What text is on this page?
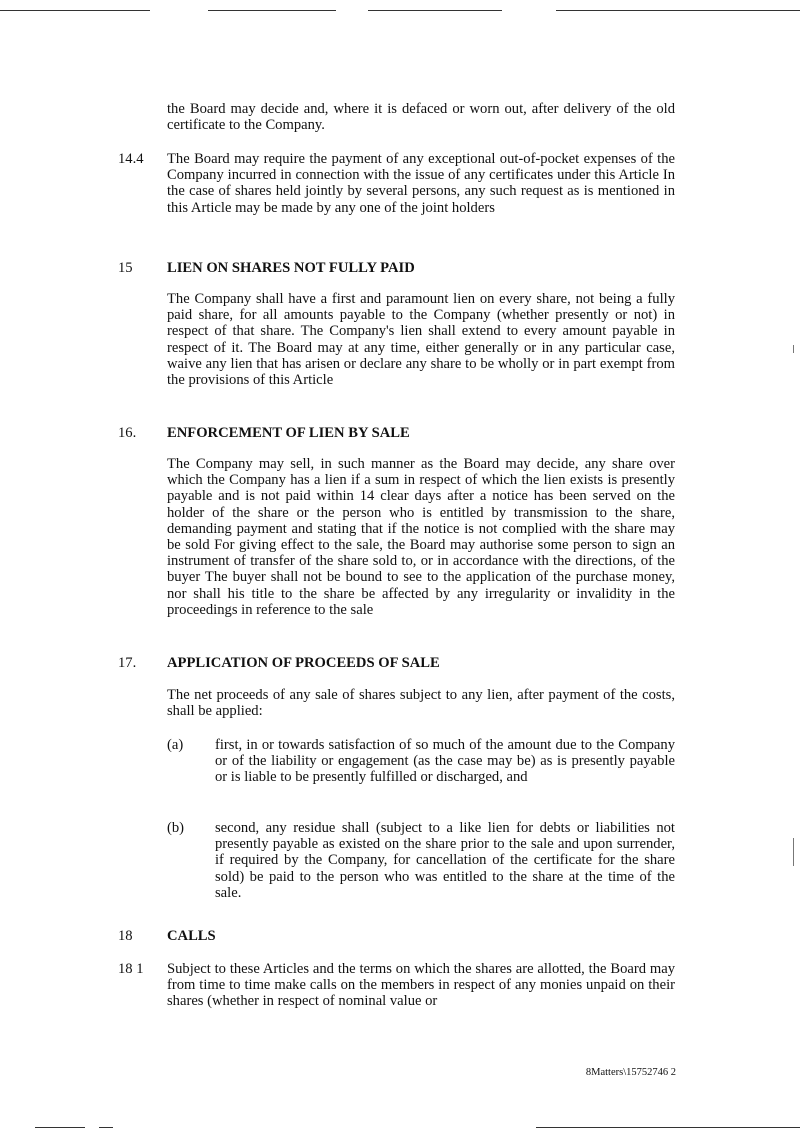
the Board may decide and, where it is defaced or worn out, after delivery of the old certificate to the Company.
14.4 The Board may require the payment of any exceptional out-of-pocket expenses of the Company incurred in connection with the issue of any certificates under this Article In the case of shares held jointly by several persons, any such request as is mentioned in this Article may be made by any one of the joint holders
15 LIEN ON SHARES NOT FULLY PAID
The Company shall have a first and paramount lien on every share, not being a fully paid share, for all amounts payable to the Company (whether presently or not) in respect of that share. The Company's lien shall extend to every amount payable in respect of it. The Board may at any time, either generally or in any particular case, waive any lien that has arisen or declare any share to be wholly or in part exempt from the provisions of this Article
16. ENFORCEMENT OF LIEN BY SALE
The Company may sell, in such manner as the Board may decide, any share over which the Company has a lien if a sum in respect of which the lien exists is presently payable and is not paid within 14 clear days after a notice has been served on the holder of the share or the person who is entitled by transmission to the share, demanding payment and stating that if the notice is not complied with the share may be sold For giving effect to the sale, the Board may authorise some person to sign an instrument of transfer of the share sold to, or in accordance with the directions, of the buyer The buyer shall not be bound to see to the application of the purchase money, nor shall his title to the share be affected by any irregularity or invalidity in the proceedings in reference to the sale
17. APPLICATION OF PROCEEDS OF SALE
The net proceeds of any sale of shares subject to any lien, after payment of the costs, shall be applied:
(a) first, in or towards satisfaction of so much of the amount due to the Company or of the liability or engagement (as the case may be) as is presently payable or is liable to be presently fulfilled or discharged, and
(b) second, any residue shall (subject to a like lien for debts or liabilities not presently payable as existed on the share prior to the sale and upon surrender, if required by the Company, for cancellation of the certificate for the share sold) be paid to the person who was entitled to the share at the time of the sale.
18 CALLS
18 1 Subject to these Articles and the terms on which the shares are allotted, the Board may from time to time make calls on the members in respect of any monies unpaid on their shares (whether in respect of nominal value or
8Matters\15752746 2
